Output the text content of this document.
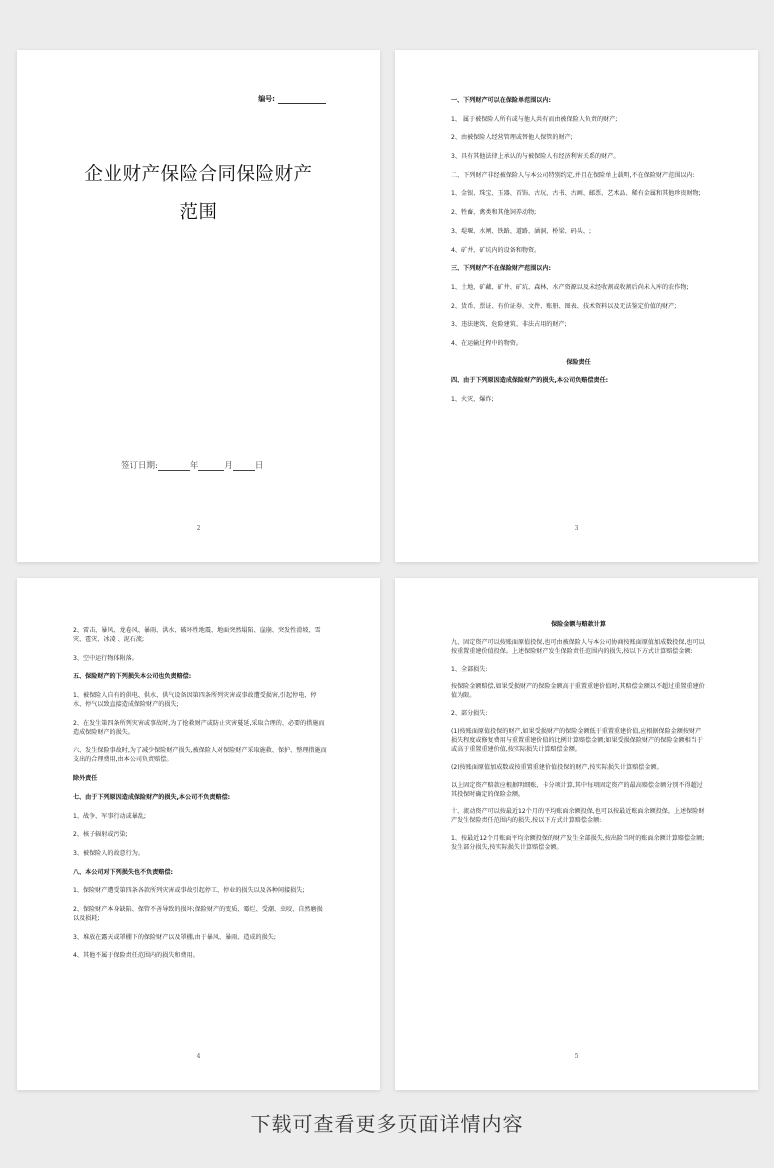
编号:
企业财产保险合同保险财产
范围
签订日期:	年	月	日
2

一、下列财产可以在保险单范围以内:

1、 属于被保险人所有或与他人共有而由被保险人负责的财产;

2、由被保险人经营管理或替他人保管的财产;

3、具有其他法律上承认的与被保险人有经济利害关系的财产。

二、下列财产非经被保险人与本公司特别约定,并且在保险单上载明,不在保险财产范围以内:

1、金银、珠宝、玉器、首饰、古玩、古书、古画、邮票、艺术品、稀有金属和其他珍贵财物;

2、牲畜、禽类和其他饲养动物;

3、堤堰、水闸、铁路、道路、涵洞、桥梁、码头、;

4、矿井、矿坑内的设备和物资。

三、下列财产不在保险财产范围以内:

1、土地、矿藏、矿井、矿坑、森林、水产资源以及未经收割或收割后尚未入库的农作物;

2、货币、票证、有价证券、文件、账册、图表、技术资料以及无法鉴定价值的财产;

3、违法建筑、危险建筑、非法占用的财产;

4、在运输过程中的物资。

保险责任

四、由于下列原因造成保险财产的损失,本公司负赔偿责任:

1、火灾、爆炸;

3

2、雷击、暴风、龙卷风、暴雨、洪水、破坏性地震、地面突然塌陷、崖崩、突发性滑坡、雪灾、雹灾、冰凌 、泥石流;

3、空中运行物体附落。

五、保险财产的下列损失本公司也负责赔偿:

1、被保险人自有的供电、供水、供气设备因第四条所列灾害或事故遭受损害,引起停电、停水、停气以致直接造成保险财产的损失;

2、在发生第四条所列灾害或事故时,为了抢救财产或防止灾害蔓延,采取合理的、必要的措施而造成保险财产的损失。

六、发生保险事故时,为了减少保险财产损失,被保险人对保险财产采取施救、保护、整理措施而支出的合理费用,由本公司负责赔偿。

除外责任

七、由于下列原因造成保险财产的损失,本公司不负责赔偿:

1、战争、军事行动或暴乱;

2、核子辐射或污染;

3、被保险人的故意行为。

八、本公司对下列损失也不负责赔偿:

1、保险财产遭受第四条各款所列灾害或事故引起停工、停业的损失以及各种间接损失;

2、保险财产本身缺陷、保管不善导致的损坏;保险财产的变质、霉烂、受潮、虫咬、自然磨损以及损耗;

3、堆放在露天或罩棚下的保险财产以及罩棚,由于暴风、暴雨、造成的损失;

4、其他不属于保险责任范围内的损失和费用。

4

保险金额与赔款计算

九、固定资产可以按账面原值投保,也可由被保险人与本公司协商按账面原值加成数投保,也可以按重置重建价值投保。上述保险财产发生保险责任范围内的损失,按以下方式计算赔偿金额:

1、全部损失:

按保险金额赔偿,如果受损财产的保险金额高于重置重建价值时,其赔偿金额以不超过重置重建价值为限。

2、部分损失:

(1)按账面原值投保的财产,如果受损财产的保险金额低于重置重建价值,应根据保险金额按财产损失程度或修复费用与重置重建价值的比例计算赔偿金额;如果受损保险财产的保险金额相当于或高于重置重建价值,按实际损失计算赔偿金额。

(2)按账面原值加成数或按重置重建价值投保的财产,按实际损失计算赔偿金额。

以上固定资产赔款应根据明细账、卡分项计算,其中每项固定资产的最高赔偿金额分别不得超过其投保时确定的保险金额。

十、流动资产可以按最近12个月的平均账面余额投保,也可以按最近账面余额投保。上述保险财产发生保险责任范围内的损失,按以下方式计算赔偿金额:

1、按最近12个月账面平均余额投保的财产发生全部损失,按出险当时的账面余额计算赔偿金额;发生部分损失,按实际损失计算赔偿金额。

5
下载可查看更多页面详情内容
